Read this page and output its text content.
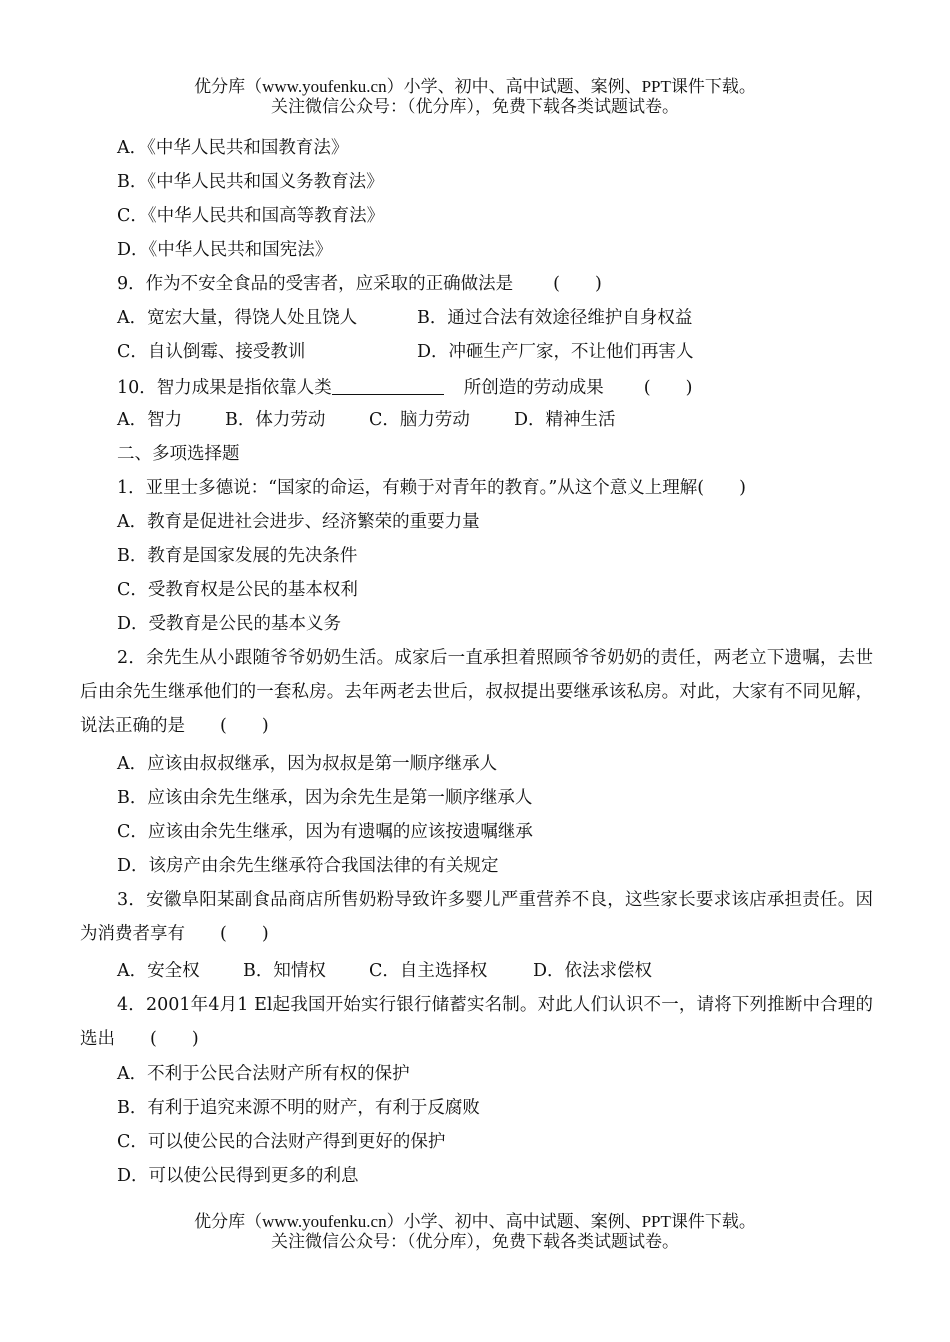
优分库（www.youfenku.cn）小学、初中、高中试题、案例、PPT课件下载。
关注微信公众号：（优分库），免费下载各类试题试卷。
A．《中华人民共和国教育法》
B．《中华人民共和国义务教育法》
C．《中华人民共和国高等教育法》
D．《中华人民共和国宪法》
9．作为不安全食品的受害者，应采取的正确做法是 (　　)
A．宽宏大量，得饶人处且饶人	B．通过合法有效途径维护自身权益
C．自认倒霉、接受教训	D．冲砸生产厂家，不让他们再害人
10．智力成果是指依靠人类	所创造的劳动成果 (　　)
A．智力 B．体力劳动 C．脑力劳动	D．精神生活
二、多项选择题
1．亚里士多德说：“国家的命运，有赖于对青年的教育。”从这个意义上理解(　　)
A．教育是促进社会进步、经济繁荣的重要力量
B．教育是国家发展的先决条件
C．受教育权是公民的基本权利
D．受教育是公民的基本义务
2．余先生从小跟随爷爷奶奶生活。成家后一直承担着照顾爷爷奶奶的责任，两老立下遗嘱，去世后由余先生继承他们的一套私房。去年两老去世后，叔叔提出要继承该私房。对此，大家有不同见解，说法正确的是　　(　　)
A．应该由叔叔继承，因为叔叔是第一顺序继承人
B．应该由余先生继承，因为余先生是第一顺序继承人
C．应该由余先生继承，因为有遗嘱的应该按遗嘱继承
D．该房产由余先生继承符合我国法律的有关规定
3．安徽阜阳某副食品商店所售奶粉导致许多婴儿严重营养不良，这些家长要求该店承担责任。因为消费者享有　　(　　)
A．安全权 B．知情权 C．自主选择权	D．依法求偿权
4．2001年4月1 El起我国开始实行银行储蓄实名制。对此人们认识不一，请将下列推断中合理的选出　　(　　)
A．不利于公民合法财产所有权的保护
B．有利于追究来源不明的财产，有利于反腐败
C．可以使公民的合法财产得到更好的保护
D．可以使公民得到更多的利息
优分库（www.youfenku.cn）小学、初中、高中试题、案例、PPT课件下载。
关注微信公众号：（优分库），免费下载各类试题试卷。
